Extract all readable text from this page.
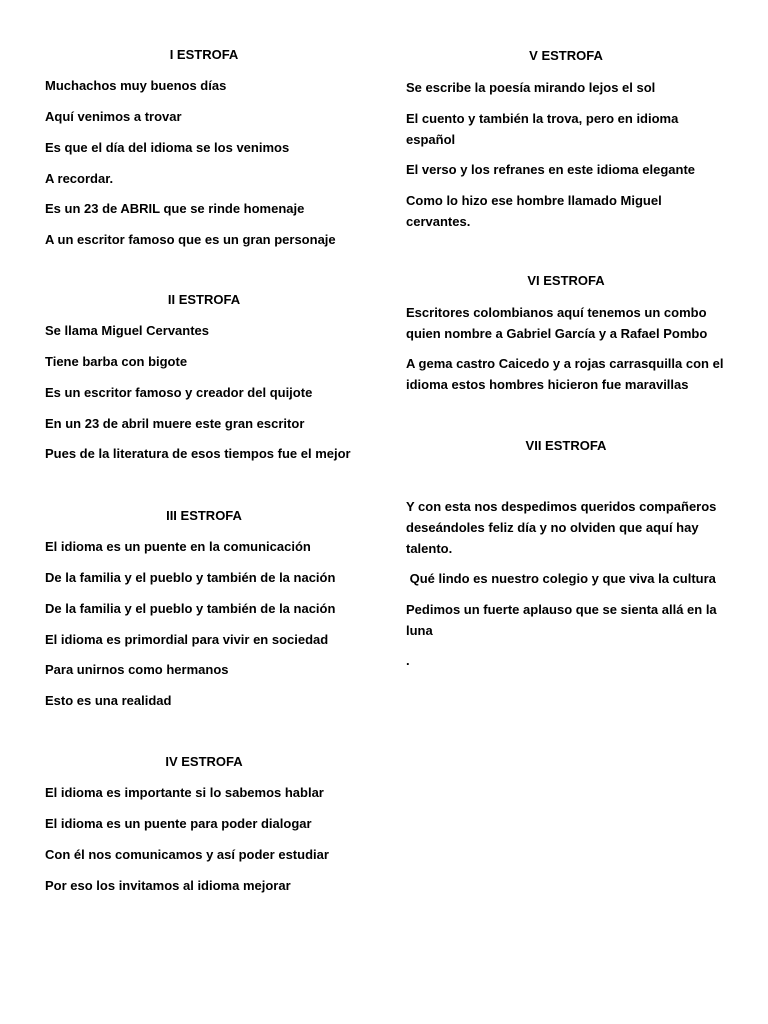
I ESTROFA

Muchachos muy buenos días

Aquí venimos a trovar

Es que el día del idioma se los venimos

A recordar.

Es un 23 de ABRIL que se rinde homenaje

A un escritor famoso que es un gran personaje

II ESTROFA

Se llama Miguel Cervantes

Tiene barba con bigote

Es un escritor famoso y creador del quijote

En un 23 de abril muere este gran escritor

Pues de la literatura de esos tiempos fue el mejor

III ESTROFA

El idioma es un puente en la comunicación

De la familia y el pueblo y también de la nación

De la familia y el pueblo y también de la nación

El idioma es primordial para vivir en sociedad

Para unirnos como hermanos

Esto es una realidad

IV ESTROFA

El idioma es importante si lo sabemos hablar

El idioma es un puente para poder dialogar

Con él nos comunicamos y así poder estudiar

Por eso los invitamos al idioma mejorar

V ESTROFA

Se escribe la poesía mirando lejos el sol

El cuento y también la trova, pero en idioma español

El verso y los refranes en este idioma elegante

Como lo hizo ese hombre llamado Miguel cervantes.

VI ESTROFA

Escritores colombianos aquí tenemos un combo quien nombre a Gabriel García y a Rafael Pombo

A gema castro Caicedo y a rojas carrasquilla con el idioma estos hombres hicieron fue maravillas

VII ESTROFA

Y con esta nos despedimos queridos compañeros deseándoles feliz día y no olviden que aquí hay talento.

Qué lindo es nuestro colegio y que viva la cultura

Pedimos un fuerte aplauso que se sienta allá en la luna

.
